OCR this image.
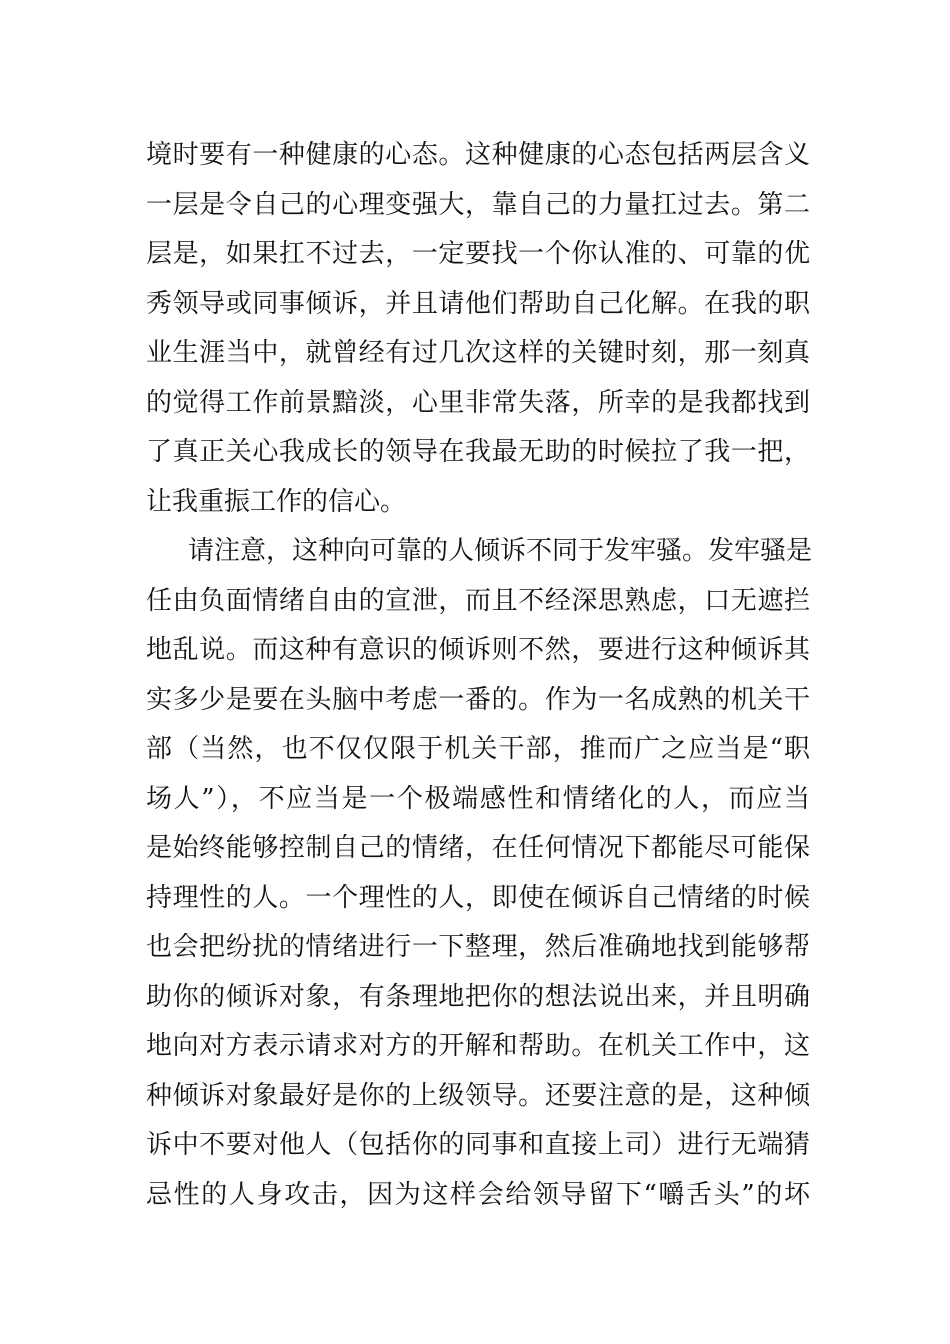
境时要有一种健康的心态。这种健康的心态包括两层含义
一层是令自己的心理变强大，靠自己的力量扛过去。第二
层是，如果扛不过去，一定要找一个你认准的、可靠的优
秀领导或同事倾诉，并且请他们帮助自己化解。在我的职
业生涯当中，就曾经有过几次这样的关键时刻，那一刻真
的觉得工作前景黯淡，心里非常失落，所幸的是我都找到
了真正关心我成长的领导在我最无助的时候拉了我一把，
让我重振工作的信心。
请注意，这种向可靠的人倾诉不同于发牢骚。发牢骚是
任由负面情绪自由的宣泄，而且不经深思熟虑，口无遮拦
地乱说。而这种有意识的倾诉则不然，要进行这种倾诉其
实多少是要在头脑中考虑一番的。作为一名成熟的机关干
部（当然，也不仅仅限于机关干部，推而广之应当是“职
场人”），不应当是一个极端感性和情绪化的人，而应当
是始终能够控制自己的情绪，在任何情况下都能尽可能保
持理性的人。一个理性的人，即使在倾诉自己情绪的时候
也会把纷扰的情绪进行一下整理，然后准确地找到能够帮
助你的倾诉对象，有条理地把你的想法说出来，并且明确
地向对方表示请求对方的开解和帮助。在机关工作中，这
种倾诉对象最好是你的上级领导。还要注意的是，这种倾
诉中不要对他人（包括你的同事和直接上司）进行无端猜
忌性的人身攻击，因为这样会给领导留下“嚼舌头”的坏
